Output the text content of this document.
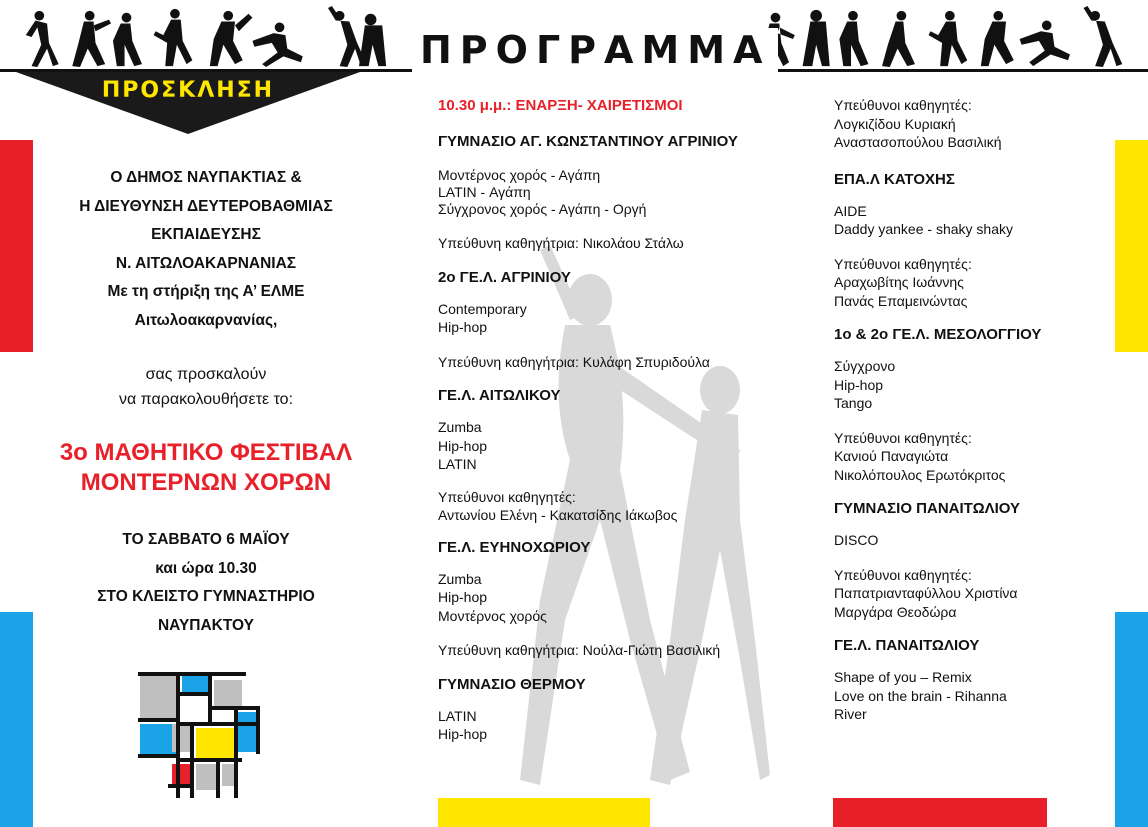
ΠΡΟΓΡΑΜΜΑ
ΠΡΟΣΚΛΗΣΗ
Ο ΔΗΜΟΣ ΝΑΥΠΑΚΤΙΑΣ &
Η ΔΙΕΥΘΥΝΣΗ ΔΕΥΤΕΡΟΒΑΘΜΙΑΣ
ΕΚΠΑΙΔΕΥΣΗΣ
Ν. ΑΙΤΩΛΟΑΚΑΡΝΑΝΙΑΣ
Με τη στήριξη της Α’ ΕΛΜΕ
Αιτωλοακαρνανίας,
σας προσκαλούν
να παρακολουθήσετε το:
3ο ΜΑΘΗΤΙΚΟ ΦΕΣΤΙΒΑΛ
ΜΟΝΤΕΡΝΩΝ ΧΟΡΩΝ
ΤΟ ΣΑΒΒΑΤΟ 6 ΜΑΪΟΥ
και ώρα 10.30
ΣΤΟ ΚΛΕΙΣΤΟ ΓΥΜΝΑΣΤΗΡΙΟ
ΝΑΥΠΑΚΤΟΥ
10.30 μ.μ.: ΕΝΑΡΞΗ- ΧΑΙΡΕΤΙΣΜΟΙ
ΓΥΜΝΑΣΙΟ ΑΓ. ΚΩΝΣΤΑΝΤΙΝΟΥ ΑΓΡΙΝΙΟΥ
Μοντέρνος χορός - Αγάπη
LATIN - Αγάπη
Σύγχρονος χορός - Αγάπη - Οργή
Υπεύθυνη καθηγήτρια: Νικολάου Στάλω
2ο ΓΕ.Λ. ΑΓΡΙΝΙΟΥ
Contemporary
Hip-hop
Υπεύθυνη καθηγήτρια: Κυλάφη Σπυριδούλα
ΓΕ.Λ. ΑΙΤΩΛΙΚΟΥ
Zumba
Hip-hop
LATIN
Υπεύθυνοι καθηγητές:
Αντωνίου Ελένη - Κακατσίδης Ιάκωβος
ΓΕ.Λ. ΕΥΗΝΟΧΩΡΙΟΥ
Zumba
Hip-hop
Μοντέρνος χορός
Υπεύθυνη καθηγήτρια: Νούλα-Γιώτη Βασιλική
ΓΥΜΝΑΣΙΟ ΘΕΡΜΟΥ
LATIN
Hip-hop
Υπεύθυνοι καθηγητές:
Λογκιζίδου Κυριακή
Αναστασοπούλου Βασιλική
ΕΠΑ.Λ ΚΑΤΟΧΗΣ
AIDE
Daddy yankee - shaky shaky
Υπεύθυνοι καθηγητές:
Αραχωβίτης Ιωάννης
Πανάς Επαμεινώντας
1ο & 2ο ΓΕ.Λ. ΜΕΣΟΛΟΓΓΙΟΥ
Σύγχρονο
Hip-hop
Tango
Υπεύθυνοι καθηγητές:
Κανιού Παναγιώτα
Νικολόπουλος Ερωτόκριτος
ΓΥΜΝΑΣΙΟ ΠΑΝΑΙΤΩΛΙΟΥ
DISCO
Υπεύθυνοι καθηγητές:
Παπατριανταφύλλου Χριστίνα
Μαργάρα Θεοδώρα
ΓΕ.Λ. ΠΑΝΑΙΤΩΛΙΟΥ
Shape of you – Remix
Love on the brain - Rihanna
River
